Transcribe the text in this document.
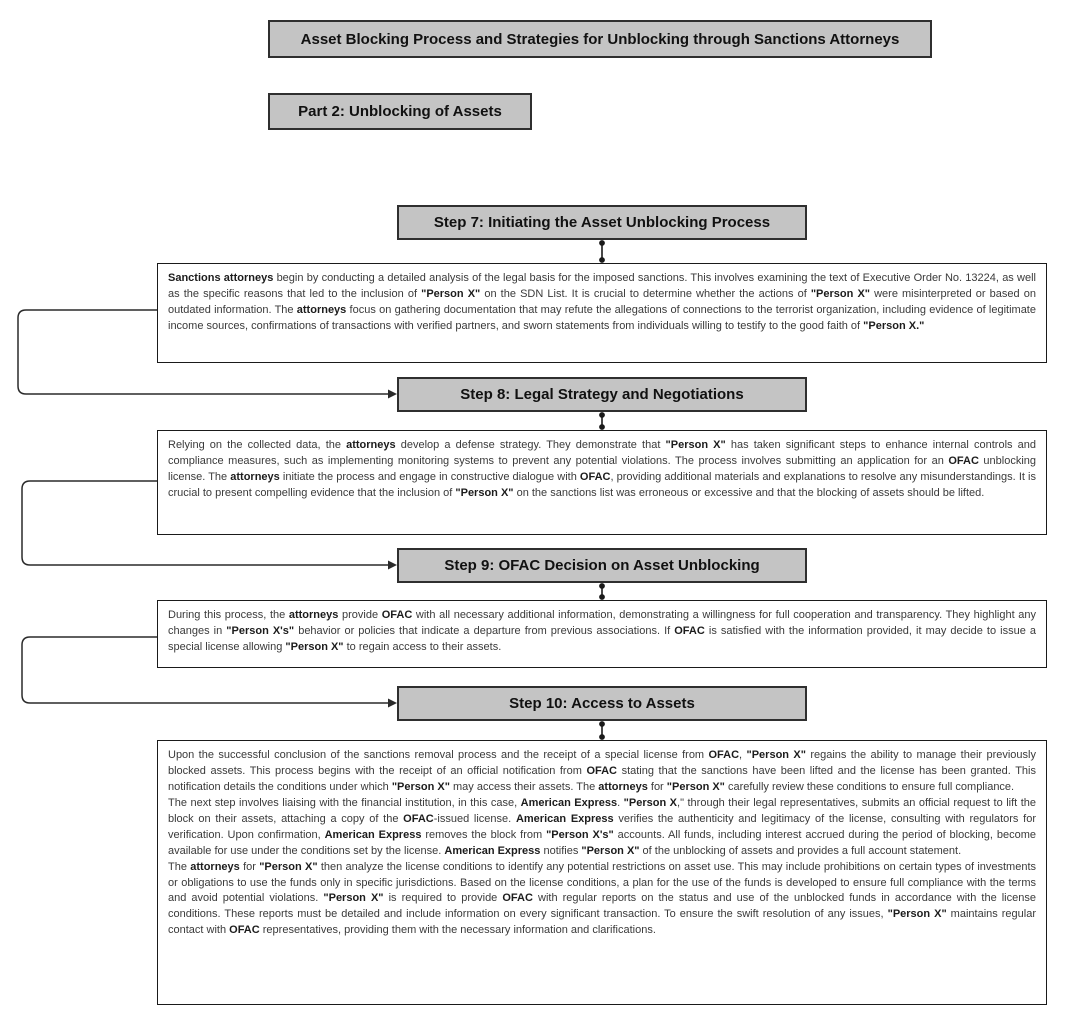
Asset Blocking Process and Strategies for Unblocking through Sanctions Attorneys
Part 2: Unblocking of Assets
Step 7: Initiating the Asset Unblocking Process

Sanctions attorneys begin by conducting a detailed analysis of the legal basis for the imposed sanctions. This involves examining the text of Executive Order No. 13224, as well as the specific reasons that led to the inclusion of "Person X" on the SDN List. It is crucial to determine whether the actions of "Person X" were misinterpreted or based on outdated information. The attorneys focus on gathering documentation that may refute the allegations of connections to the terrorist organization, including evidence of legitimate income sources, confirmations of transactions with verified partners, and sworn statements from individuals willing to testify to the good faith of "Person X."

Step 8: Legal Strategy and Negotiations

Relying on the collected data, the attorneys develop a defense strategy. They demonstrate that "Person X" has taken significant steps to enhance internal controls and compliance measures, such as implementing monitoring systems to prevent any potential violations. The process involves submitting an application for an OFAC unblocking license. The attorneys initiate the process and engage in constructive dialogue with OFAC, providing additional materials and explanations to resolve any misunderstandings. It is crucial to present compelling evidence that the inclusion of "Person X" on the sanctions list was erroneous or excessive and that the blocking of assets should be lifted.

Step 9: OFAC Decision on Asset Unblocking

During this process, the attorneys provide OFAC with all necessary additional information, demonstrating a willingness for full cooperation and transparency. They highlight any changes in "Person X's" behavior or policies that indicate a departure from previous associations. If OFAC is satisfied with the information provided, it may decide to issue a special license allowing "Person X" to regain access to their assets.

Step 10: Access to Assets

Upon the successful conclusion of the sanctions removal process and the receipt of a special license from OFAC, "Person X" regains the ability to manage their previously blocked assets. This process begins with the receipt of an official notification from OFAC stating that the sanctions have been lifted and the license has been granted. This notification details the conditions under which "Person X" may access their assets. The attorneys for "Person X" carefully review these conditions to ensure full compliance.

The next step involves liaising with the financial institution, in this case, American Express. "Person X," through their legal representatives, submits an official request to lift the block on their assets, attaching a copy of the OFAC-issued license. American Express verifies the authenticity and legitimacy of the license, consulting with regulators for verification. Upon confirmation, American Express removes the block from "Person X's" accounts. All funds, including interest accrued during the period of blocking, become available for use under the conditions set by the license. American Express notifies "Person X" of the unblocking of assets and provides a full account statement.

The attorneys for "Person X" then analyze the license conditions to identify any potential restrictions on asset use. This may include prohibitions on certain types of investments or obligations to use the funds only in specific jurisdictions. Based on the license conditions, a plan for the use of the funds is developed to ensure full compliance with the terms and avoid potential violations. "Person X" is required to provide OFAC with regular reports on the status and use of the unblocked funds in accordance with the license conditions. These reports must be detailed and include information on every significant transaction. To ensure the swift resolution of any issues, "Person X" maintains regular contact with OFAC representatives, providing them with the necessary information and clarifications.
